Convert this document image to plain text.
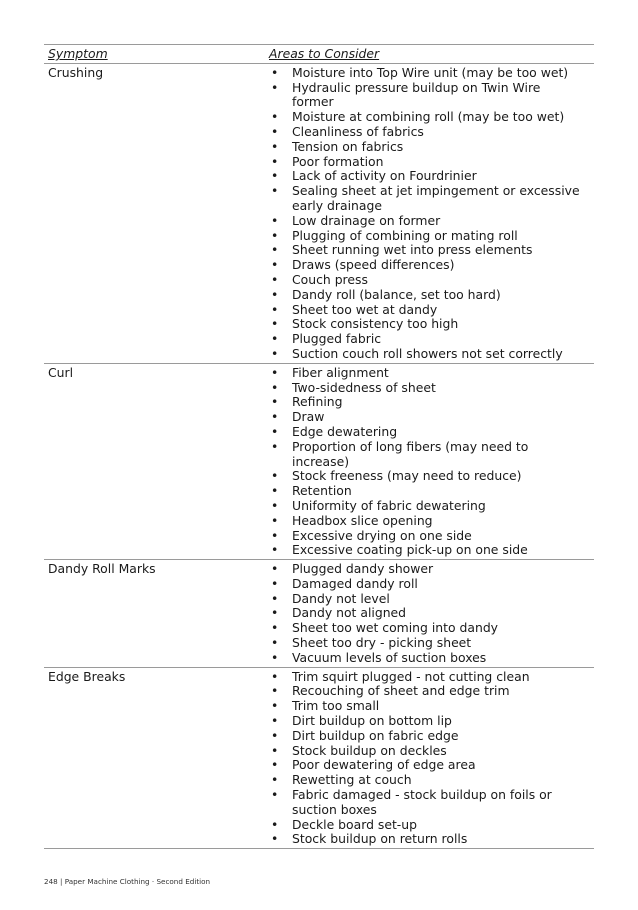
Symptom	Areas to Consider
Crushing	• Moisture into Top Wire unit (may be too wet)
• Hydraulic pressure buildup on Twin Wire former
• Moisture at combining roll (may be too wet)
• Cleanliness of fabrics
• Tension on fabrics
• Poor formation
• Lack of activity on Fourdrinier
• Sealing sheet at jet impingement or excessive early drainage
• Low drainage on former
• Plugging of combining or mating roll
• Sheet running wet into press elements
• Draws (speed differences)
• Couch press
• Dandy roll (balance, set too hard)
• Sheet too wet at dandy
• Stock consistency too high
• Plugged fabric
• Suction couch roll showers not set correctly
Curl	• Fiber alignment
• Two-sidedness of sheet
• Refining
• Draw
• Edge dewatering
• Proportion of long fibers (may need to increase)
• Stock freeness (may need to reduce)
• Retention
• Uniformity of fabric dewatering
• Headbox slice opening
• Excessive drying on one side
• Excessive coating pick-up on one side
Dandy Roll Marks	• Plugged dandy shower
• Damaged dandy roll
• Dandy not level
• Dandy not aligned
• Sheet too wet coming into dandy
• Sheet too dry - picking sheet
• Vacuum levels of suction boxes
Edge Breaks	• Trim squirt plugged - not cutting clean
• Recouching of sheet and edge trim
• Trim too small
• Dirt buildup on bottom lip
• Dirt buildup on fabric edge
• Stock buildup on deckles
• Poor dewatering of edge area
• Rewetting at couch
• Fabric damaged - stock buildup on foils or suction boxes
• Deckle board set-up
• Stock buildup on return rolls
248 | Paper Machine Clothing · Second Edition
